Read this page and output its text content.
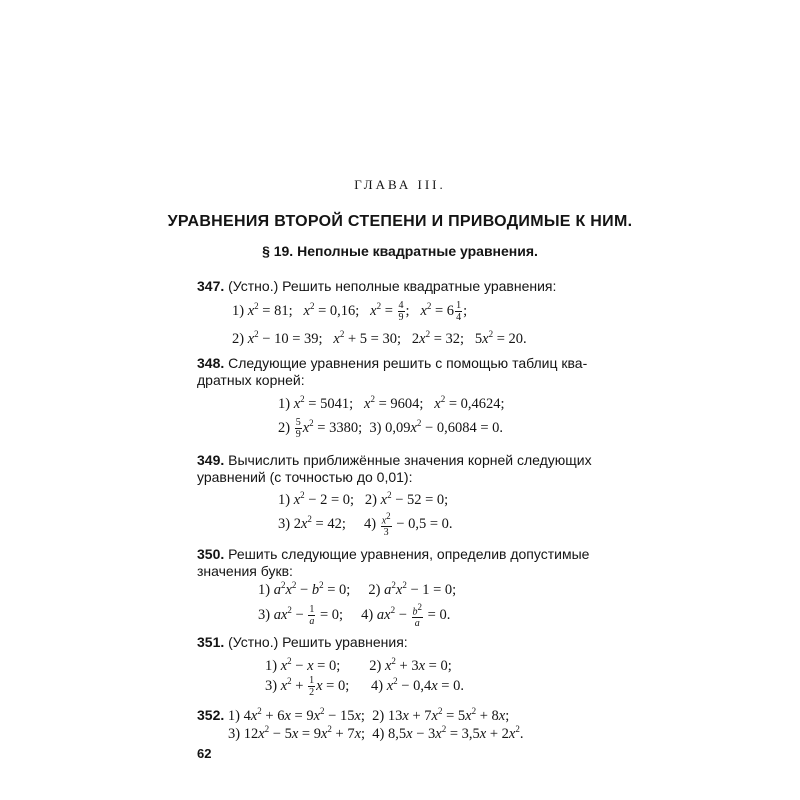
ГЛАВА III.
УРАВНЕНИЯ ВТОРОЙ СТЕПЕНИ И ПРИВОДИМЫЕ К НИМ.
§ 19. Неполные квадратные уравнения.
347. (Устно.) Решить неполные квадратные уравнения:
1) $x^2 = 81$;   $x^2 = 0,16$;   $x^2 = \frac{4}{9}$ ;   $x^2 = 6 \frac{1}{4}$ ;
2) $x^2 - 10 = 39$;   $x^2 + 5 = 30$;   $2x^2 = 32$;   $5x^2 = 20$.
348. Следующие уравнения решить с помощью таблиц ква-
дратных корней:
1) $x^2 = 5041$;   $x^2 = 9604$;   $x^2 = 0,4624$;
$2) \frac{5}{9} x^2 = 3380$;  3) $0,09x^2 - 0,6084 = 0$.
349. Вычислить приближённые значения корней следующих
уравнений (с точностью до 0,01):
1) $x^2 - 2 = 0$;   2) $x^2 - 52 = 0$;
3) $2x^2 = 42$;     $4) \frac{x^2}{3} - 0,5 = 0$.
350. Решить следующие уравнения, определив допустимые
значения букв:
1) $a^2x^2 - b^2 = 0$;     2) $a^2x^2 - 1 = 0$;
3) $ax^2 - \frac{1}{a} = 0$;     4) $ax^2 - \frac{b^2}{a} = 0$.
351. (Устно.) Решить уравнения:
1) $x^2 - x = 0$;        2) $x^2 + 3x = 0$;
3) $x^2 + \frac{1}{2}$ x = 0;      4) $x^2 - 0,4x = 0$.
352. 1) $4x^2 + 6x = 9x^2 - 15x$;  2) $13x + 7x^2 = 5x^2 + 8x$;
3) $12x^2 - 5x = 9x^2 + 7x$;  4) $8,5x - 3x^2 = 3,5x + 2x^2$.
62
